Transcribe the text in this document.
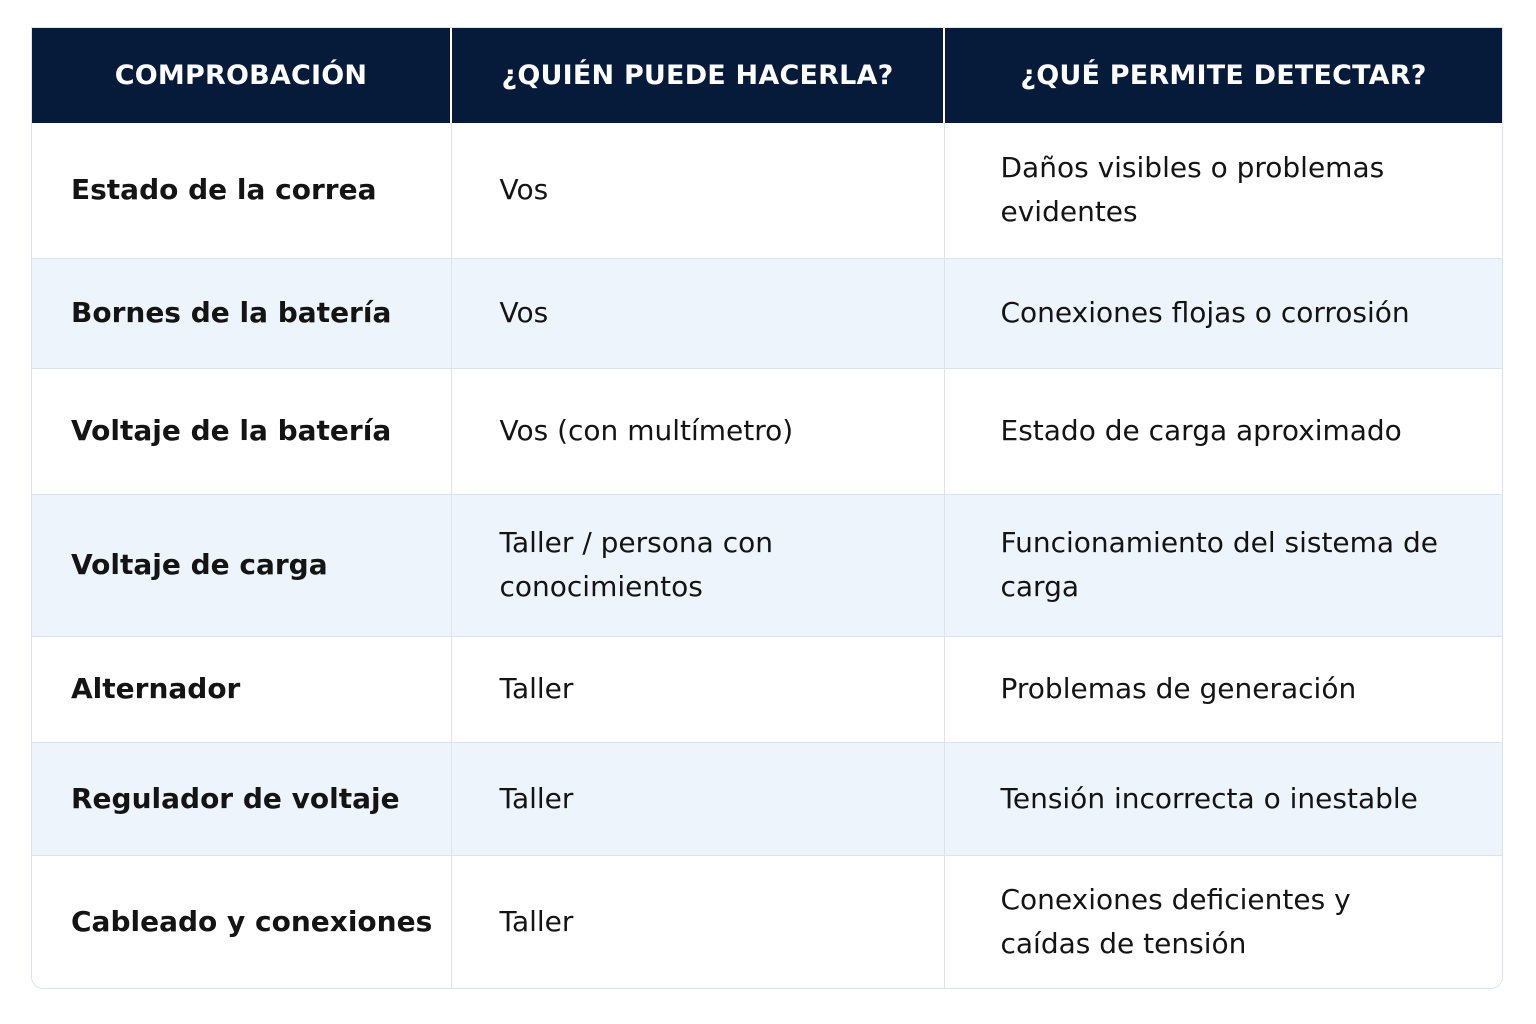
COMPROBACIÓN	¿QUIÉN PUEDE HACERLA?	¿QUÉ PERMITE DETECTAR?
Estado de la correa	Vos	Daños visibles o problemas evidentes
Bornes de la batería	Vos	Conexiones flojas o corrosión
Voltaje de la batería	Vos (con multímetro)	Estado de carga aproximado
Voltaje de carga	Taller / persona con conocimientos	Funcionamiento del sistema de carga
Alternador	Taller	Problemas de generación
Regulador de voltaje	Taller	Tensión incorrecta o inestable
Cableado y conexiones	Taller	Conexiones deficientes y caídas de tensión
